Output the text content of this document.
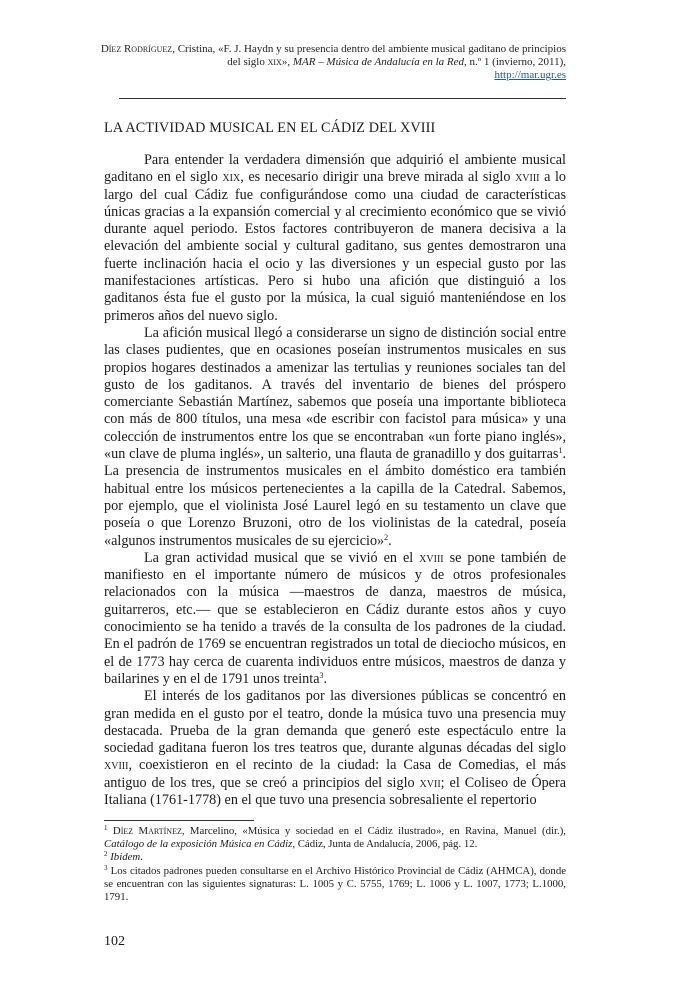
Díez Rodríguez, Cristina, «F. J. Haydn y su presencia dentro del ambiente musical gaditano de principios del siglo xix», MAR – Música de Andalucía en la Red, n.º 1 (invierno, 2011),
http://mar.ugr.es
LA ACTIVIDAD MUSICAL EN EL CÁDIZ DEL XVIII

Para entender la verdadera dimensión que adquirió el ambiente musical gaditano en el siglo xix, es necesario dirigir una breve mirada al siglo xviii a lo largo del cual Cádiz fue configurándose como una ciudad de características únicas gracias a la expansión comercial y al crecimiento económico que se vivió durante aquel periodo. Estos factores contribuyeron de manera decisiva a la elevación del ambiente social y cultural gaditano, sus gentes demostraron una fuerte inclinación hacia el ocio y las diversiones y un especial gusto por las manifestaciones artísticas. Pero si hubo una afición que distinguió a los gaditanos ésta fue el gusto por la música, la cual siguió manteniéndose en los primeros años del nuevo siglo.

La afición musical llegó a considerarse un signo de distinción social entre las clases pudientes, que en ocasiones poseían instrumentos musicales en sus propios hogares destinados a amenizar las tertulias y reuniones sociales tan del gusto de los gaditanos. A través del inventario de bienes del próspero comerciante Sebastián Martínez, sabemos que poseía una importante biblioteca con más de 800 títulos, una mesa «de escribir con facistol para música» y una colección de instrumentos entre los que se encontraban «un forte piano inglés», «un clave de pluma inglés», un salterio, una flauta de granadillo y dos guitarras$^1$. La presencia de instrumentos musicales en el ámbito doméstico era también habitual entre los músicos pertenecientes a la capilla de la Catedral. Sabemos, por ejemplo, que el violinista José Laurel legó en su testamento un clave que poseía o que Lorenzo Bruzoni, otro de los violinistas de la catedral, poseía «algunos instrumentos musicales de su ejercicio»$^2$.

La gran actividad musical que se vivió en el xviii se pone también de manifiesto en el importante número de músicos y de otros profesionales relacionados con la música —maestros de danza, maestros de música, guitarreros, etc.— que se establecieron en Cádiz durante estos años y cuyo conocimiento se ha tenido a través de la consulta de los padrones de la ciudad. En el padrón de 1769 se encuentran registrados un total de dieciocho músicos, en el de 1773 hay cerca de cuarenta individuos entre músicos, maestros de danza y bailarines y en el de 1791 unos treinta$^3$.

El interés de los gaditanos por las diversiones públicas se concentró en gran medida en el gusto por el teatro, donde la música tuvo una presencia muy destacada. Prueba de la gran demanda que generó este espectáculo entre la sociedad gaditana fueron los tres teatros que, durante algunas décadas del siglo xviii, coexistieron en el recinto de la ciudad: la Casa de Comedias, el más antiguo de los tres, que se creó a principios del siglo xvii; el Coliseo de Ópera Italiana (1761-1778) en el que tuvo una presencia sobresaliente el repertorio

$^1$ Díez Martínez, Marcelino, «Música y sociedad en el Cádiz ilustrado», en Ravina, Manuel (dir.), Catálogo de la exposición Música en Cádiz, Cádiz, Junta de Andalucía, 2006, pág. 12.

$^2$ Ibidem.

$^3$ Los citados padrones pueden consultarse en el Archivo Histórico Provincial de Cádiz (AHMCA), donde se encuentran con las siguientes signaturas: L. 1005 y C. 5755, 1769; L. 1006 y L. 1007, 1773; L.1000, 1791.

102
